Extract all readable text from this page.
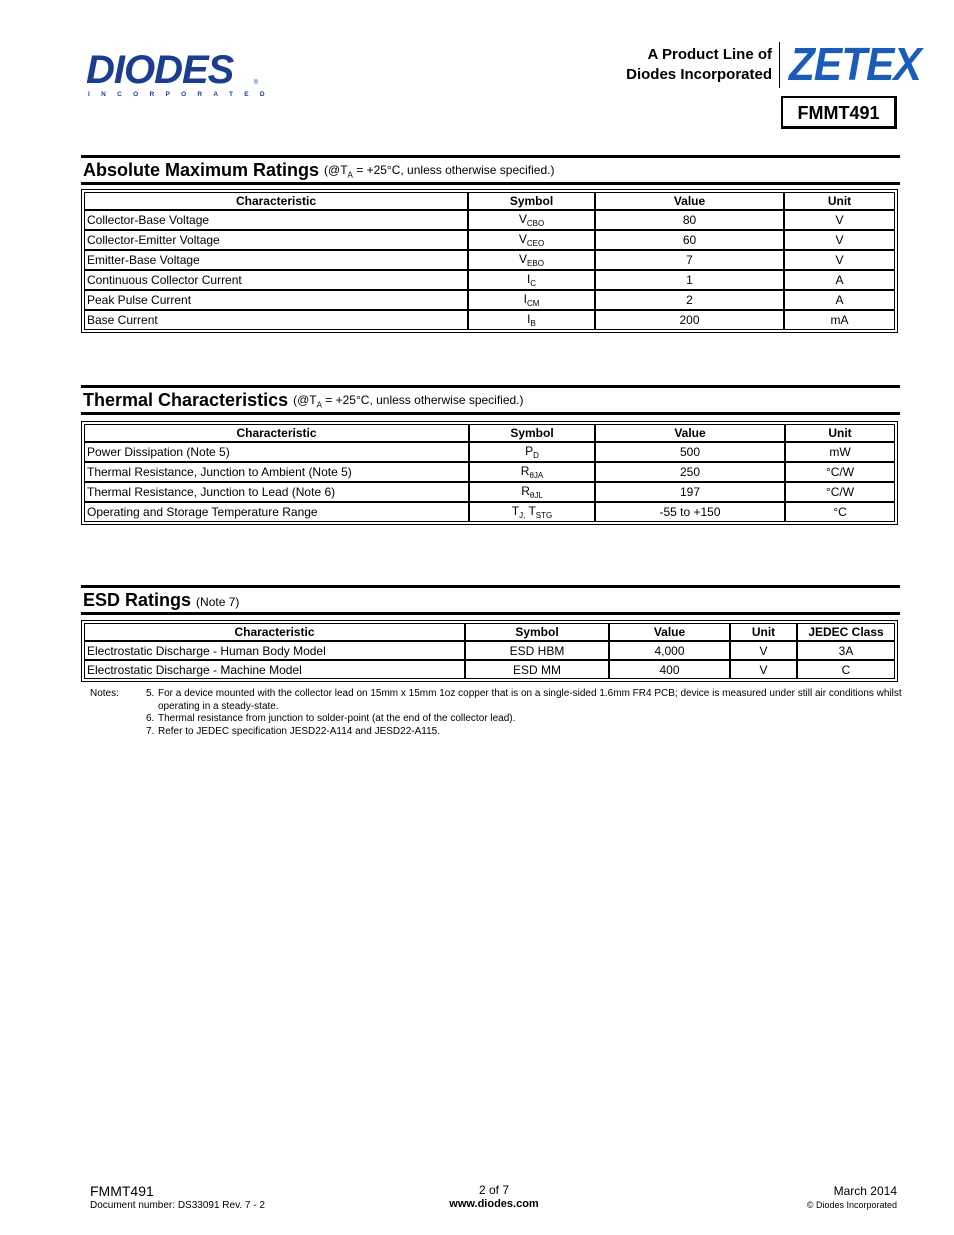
DIODES
INCORPORATED
®
A Product Line of
Diodes Incorporated ZETEX
FMMT491
Absolute Maximum Ratings ($@T_A = +25^\circ C$, unless otherwise specified.)
Characteristic	Symbol	Value	Unit
Collector-Base Voltage	$V_{CBO}$	80	V
Collector-Emitter Voltage	$V_{CEO}$	60	V
Emitter-Base Voltage	$V_{EBO}$	7	V
Continuous Collector Current	$I_C$	1	A
Peak Pulse Current	$I_{CM}$	2	A
Base Current	$I_B$	200	mA
Thermal Characteristics ($@T_A = +25^\circ C$, unless otherwise specified.)
Characteristic	Symbol	Value	Unit
Power Dissipation (Note 5)	$P_D$	500	mW
Thermal Resistance, Junction to Ambient (Note 5)	$R_{\theta JA}$	250	°C/W
Thermal Resistance, Junction to Lead (Note 6)	$R_{\theta JL}$	197	°C/W
Operating and Storage Temperature Range	$T_{J,}$ $T_{STG}$	-55 to +150	°C
ESD Ratings (Note 7)
Characteristic	Symbol	Value	Unit	JEDEC Class
Electrostatic Discharge - Human Body Model	ESD HBM	4,000	V	3A
Electrostatic Discharge - Machine Model	ESD MM	400	V	C
Notes:	5. For a device mounted with the collector lead on 15mm x 15mm 1oz copper that is on a single-sided 1.6mm FR4 PCB; device is measured under still air conditions whilst operating in a steady-state.
6. Thermal resistance from junction to solder-point (at the end of the collector lead).
7. Refer to JEDEC specification JESD22-A114 and JESD22-A115.
FMMT491
Document number: DS33091 Rev. 7 - 2
2 of 7
www.diodes.com
March 2014
© Diodes Incorporated
